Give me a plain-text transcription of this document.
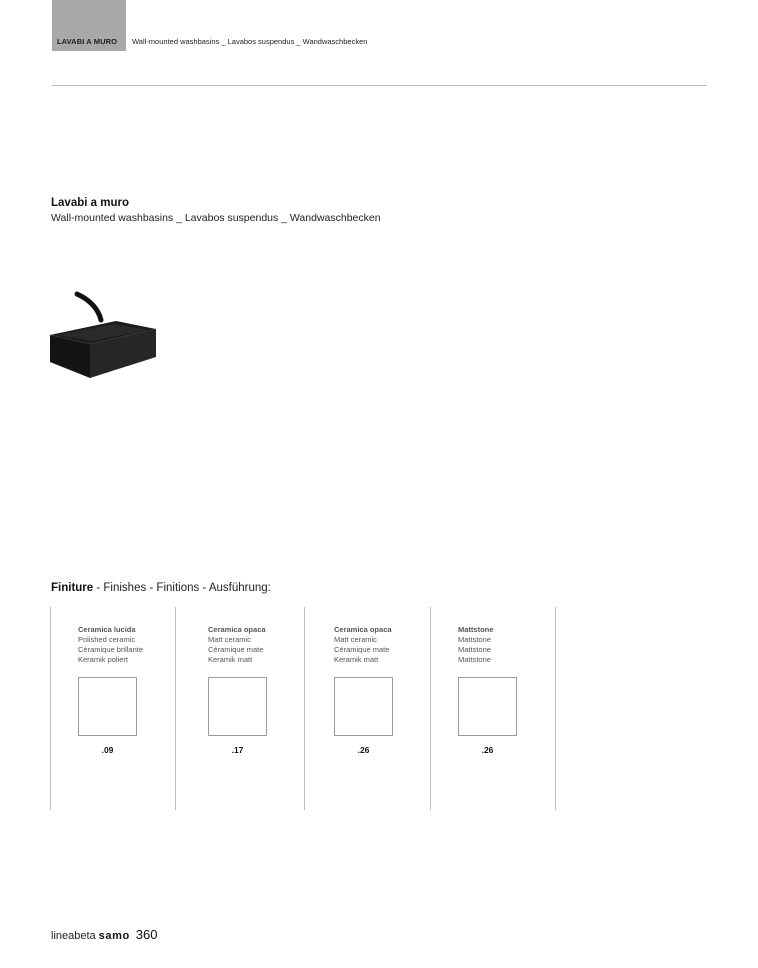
LAVABI A MURO Wall-mounted washbasins _ Lavabos suspendus _ Wandwaschbecken
Lavabi a muro
Wall-mounted washbasins _ Lavabos suspendus _ Wandwaschbecken
Finiture - Finishes - Finitions - Ausführung:
Ceramica lucida
Polished ceramic
Céramique brillante
Keramik poliert
.09
Ceramica opaca
Matt ceramic
Céramique mate
Keramik matt
.17
Ceramica opaca
Matt ceramic
Céramique mate
Keramik matt
.26
Mattstone
Mattstone
Mattstone
Mattstone
.26
lineabeta samo 360
